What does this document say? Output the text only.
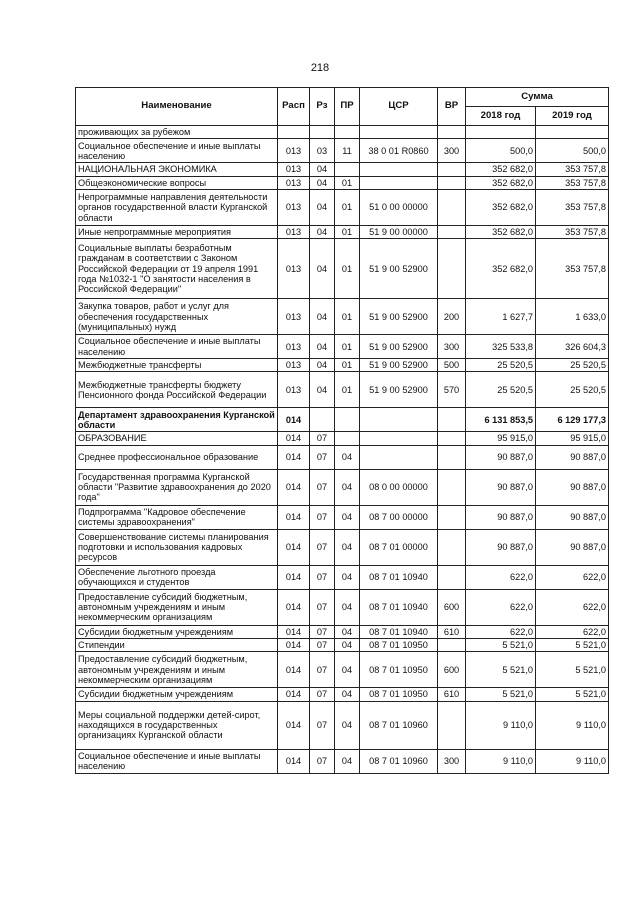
218
Наименование	Расп	Рз	ПР	ЦСР	ВР	Сумма	
						2018 год	2019 год
проживающих за рубежом							
Социальное обеспечение и иные выплаты населению	013	03	11	38 0 01 R0860	300	500,0	500,0
НАЦИОНАЛЬНАЯ ЭКОНОМИКА	013	04				352 682,0	353 757,8
Общеэкономические вопросы	013	04	01			352 682,0	353 757,8
Непрограммные направления деятельности органов государственной власти Курганской области	013	04	01	51 0 00 00000		352 682,0	353 757,8
Иные непрограммные мероприятия	013	04	01	51 9 00 00000		352 682,0	353 757,8
Социальные выплаты безработным гражданам в соответствии с Законом Российской Федерации от 19 апреля 1991 года №1032-1 "О занятости населения в Российской Федерации"	013	04	01	51 9 00 52900		352 682,0	353 757,8
Закупка товаров, работ и услуг для обеспечения государственных (муниципальных) нужд	013	04	01	51 9 00 52900	200	1 627,7	1 633,0
Социальное обеспечение и иные выплаты населению	013	04	01	51 9 00 52900	300	325 533,8	326 604,3
Межбюджетные трансферты	013	04	01	51 9 00 52900	500	25 520,5	25 520,5
Межбюджетные трансферты бюджету Пенсионного фонда Российской Федерации	013	04	01	51 9 00 52900	570	25 520,5	25 520,5
Департамент здравоохранения Курганской области	014					6 131 853,5	6 129 177,3
ОБРАЗОВАНИЕ	014	07				95 915,0	95 915,0
Среднее профессиональное образование	014	07	04			90 887,0	90 887,0
Государственная программа Курганской области "Развитие здравоохранения до 2020 года"	014	07	04	08 0 00 00000		90 887,0	90 887,0
Подпрограмма "Кадровое обеспечение системы здравоохранения"	014	07	04	08 7 00 00000		90 887,0	90 887,0
Совершенствование системы планирования подготовки и использования кадровых ресурсов	014	07	04	08 7 01 00000		90 887,0	90 887,0
Обеспечение льготного проезда обучающихся и студентов	014	07	04	08 7 01 10940		622,0	622,0
Предоставление субсидий бюджетным, автономным учреждениям и иным некоммерческим организациям	014	07	04	08 7 01 10940	600	622,0	622,0
Субсидии бюджетным учреждениям	014	07	04	08 7 01 10940	610	622,0	622,0
Стипендии	014	07	04	08 7 01 10950		5 521,0	5 521,0
Предоставление субсидий бюджетным, автономным учреждениям и иным некоммерческим организациям	014	07	04	08 7 01 10950	600	5 521,0	5 521,0
Субсидии бюджетным учреждениям	014	07	04	08 7 01 10950	610	5 521,0	5 521,0
Меры социальной поддержки детей-сирот, находящихся в государственных организациях Курганской области	014	07	04	08 7 01 10960		9 110,0	9 110,0
Социальное обеспечение и иные выплаты населению	014	07	04	08 7 01 10960	300	9 110,0	9 110,0
